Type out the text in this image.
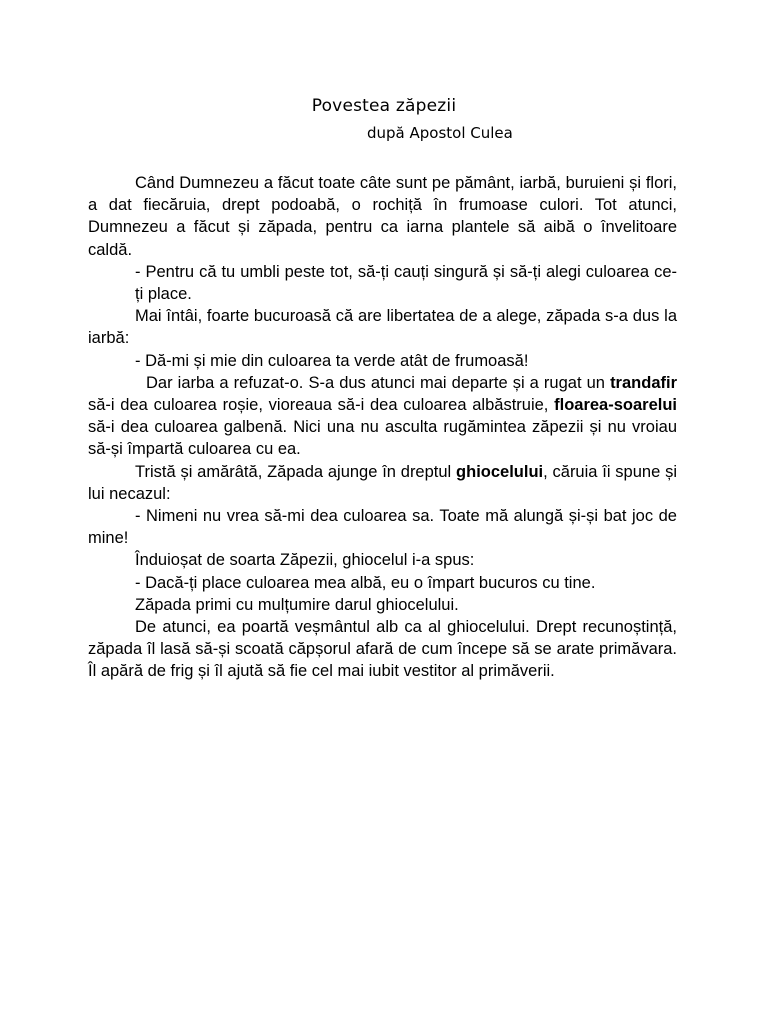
Povestea zăpezii
după Apostol Culea

Când Dumnezeu a făcut toate câte sunt pe pământ, iarbă, buruieni și flori, a dat fiecăruia, drept podoabă, o rochiță în frumoase culori. Tot atunci, Dumnezeu a făcut și zăpada, pentru ca iarna plantele să aibă o învelitoare caldă.

- Pentru că tu umbli peste tot, să-ți cauți singură și să-ți alegi culoarea ce-ți place.

Mai întâi, foarte bucuroasă că are libertatea de a alege, zăpada s-a dus la iarbă:

- Dă-mi și mie din culoarea ta verde atât de frumoasă!

Dar iarba a refuzat-o. S-a dus atunci mai departe și a rugat un trandafir să-i dea culoarea roșie, vioreaua să-i dea culoarea albăstruie, floarea-soarelui să-i dea culoarea galbenă. Nici una nu asculta rugămintea zăpezii și nu vroiau să-și împartă culoarea cu ea.

Tristă și amărâtă, Zăpada ajunge în dreptul ghiocelului, căruia îi spune și lui necazul:

- Nimeni nu vrea să-mi dea culoarea sa. Toate mă alungă și-și bat joc de mine!

Înduioșat de soarta Zăpezii, ghiocelul i-a spus:

- Dacă-ți place culoarea mea albă, eu o împart bucuros cu tine.

Zăpada primi cu mulțumire darul ghiocelului.

De atunci, ea poartă veșmântul alb ca al ghiocelului. Drept recunoștință, zăpada îl lasă să-și scoată căpșorul afară de cum începe să se arate primăvara. Îl apără de frig și îl ajută să fie cel mai iubit vestitor al primăverii.
